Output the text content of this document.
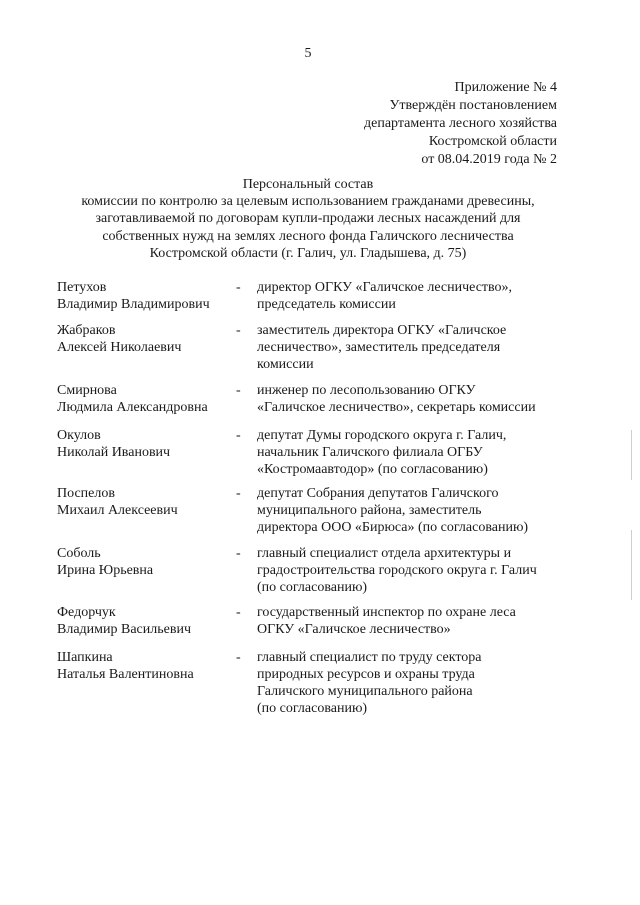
5
Приложение № 4
Утверждён постановлением
департамента лесного хозяйства
Костромской области
от 08.04.2019 года № 2
Персональный состав
комиссии по контролю за целевым использованием гражданами древесины,
заготавливаемой по договорам купли-продажи лесных насаждений для
собственных нужд на землях лесного фонда Галичского лесничества
Костромской области (г. Галич, ул. Гладышева, д. 75)
Петухов
Владимир Владимирович
- директор ОГКУ «Галичское лесничество»,
председатель комиссии
Жабраков
Алексей Николаевич
- заместитель директора ОГКУ «Галичское
лесничество», заместитель председателя
комиссии
Смирнова
Людмила Александровна
- инженер по лесопользованию ОГКУ
«Галичское лесничество», секретарь комиссии
Окулов
Николай Иванович
- депутат Думы городского округа г. Галич,
начальник Галичского филиала ОГБУ
«Костромаавтодор» (по согласованию)
Поспелов
Михаил Алексеевич
- депутат Собрания депутатов Галичского
муниципального района, заместитель
директора ООО «Бирюса» (по согласованию)
Соболь
Ирина Юрьевна
- главный специалист отдела архитектуры и
градостроительства городского округа г. Галич
(по согласованию)
Федорчук
Владимир Васильевич
- государственный инспектор по охране леса
ОГКУ «Галичское лесничество»
Шапкина
Наталья Валентиновна
- главный специалист по труду сектора
природных ресурсов и охраны труда
Галичского муниципального района
(по согласованию)
